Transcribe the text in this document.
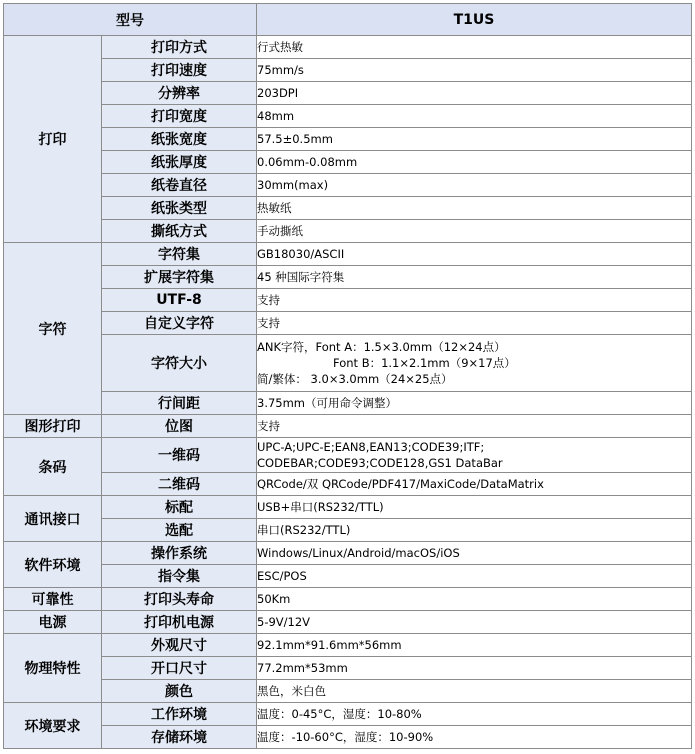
型号		T1US
打印	打印方式	行式热敏

	打印速度	75mm/s

	分辨率	203DPI

	打印宽度	48mm

	纸张宽度	57.5±0.5mm

	纸张厚度	0.06mm-0.08mm

	纸卷直径	30mm(max)

	纸张类型	热敏纸

	撕纸方式	手动撕纸

字符	字符集	GB18030/ASCII

	扩展字符集	45 种国际字符集

	UTF-8	支持

	自定义字符	支持

	字符大小	ANK字符，Font A：1.5×3.0mm（12×24点）
Font B：1.1×2.1mm（9×17点）
简/繁体： 3.0×3.0mm（24×25点）

	行间距	3.75mm（可用命令调整）

图形打印	位图	支持

条码	一维码	UPC-A;UPC-E;EAN8,EAN13;CODE39;ITF;
CODEBAR;CODE93;CODE128,GS1 DataBar

	二维码	QRCode/双 QRCode/PDF417/MaxiCode/DataMatrix

通讯接口	标配	USB+串口(RS232/TTL)

	选配	串口(RS232/TTL)

软件环境	操作系统	Windows/Linux/Android/macOS/iOS

	指令集	ESC/POS

可靠性	打印头寿命	50Km

电源	打印机电源	5-9V/12V

物理特性	外观尺寸	92.1mm*91.6mm*56mm

	开口尺寸	77.2mm*53mm

	颜色	黑色，米白色

环境要求	工作环境	温度：0-45°C，湿度：10-80%

	存储环境	温度：-10-60°C，湿度：10-90%
